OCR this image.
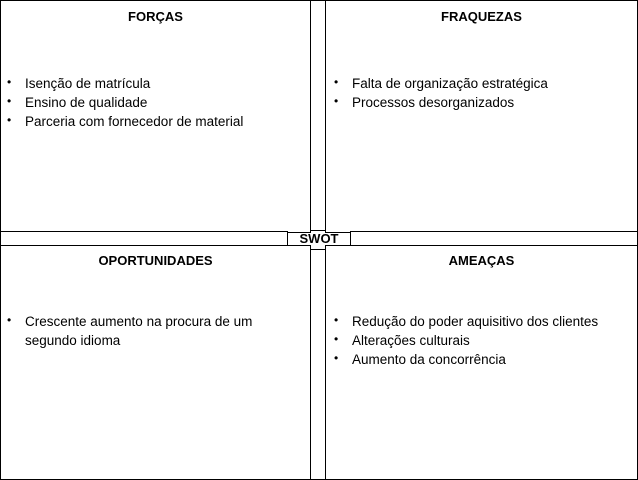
FORÇAS
• Isenção de matrícula
• Ensino de qualidade
• Parceria com fornecedor de material
FRAQUEZAS
• Falta de organização estratégica
• Processos desorganizados
OPORTUNIDADES
• Crescente aumento na procura de um segundo idioma
AMEAÇAS
• Redução do poder aquisitivo dos clientes
• Alterações culturais
• Aumento da concorrência
SWOT
